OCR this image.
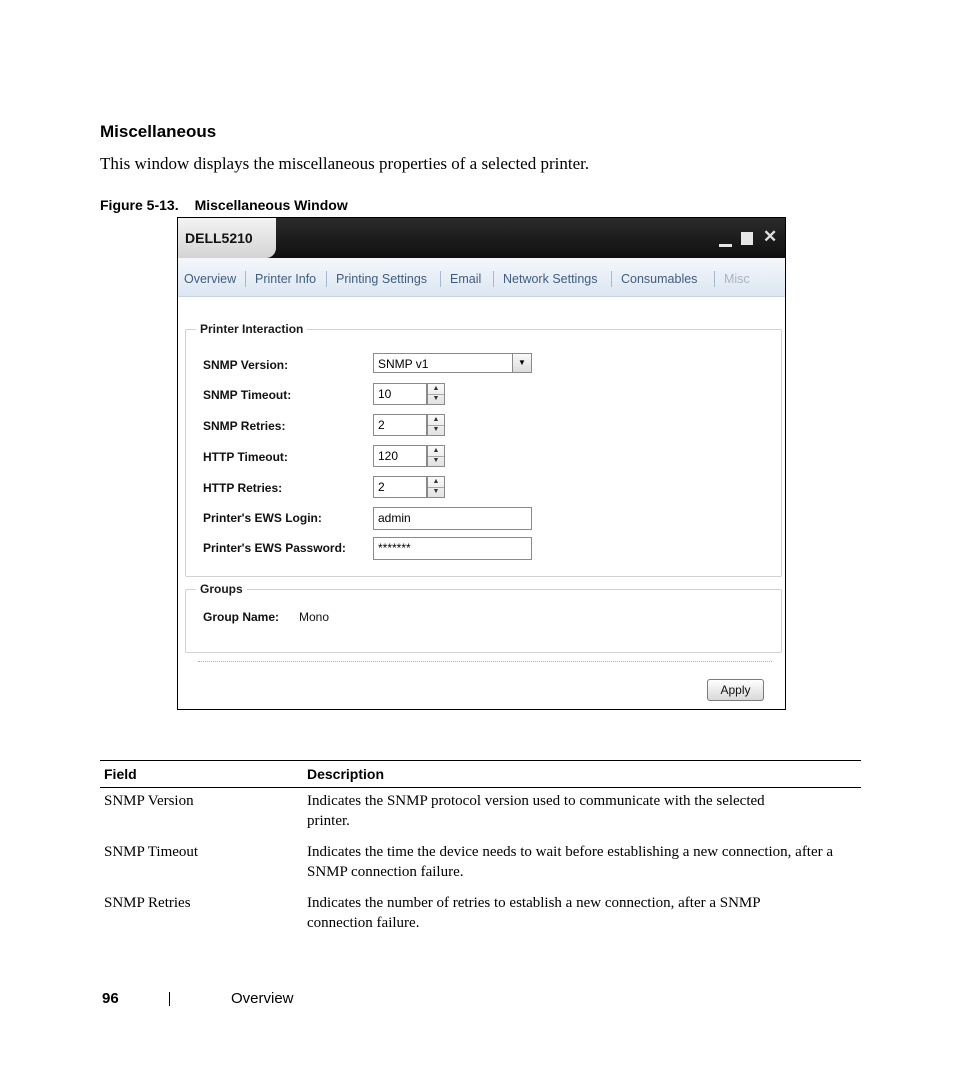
Miscellaneous
This window displays the miscellaneous properties of a selected printer.
Figure 5-13. Miscellaneous Window
DELL5210	✕
Overview Printer Info Printing Settings Email Network Settings Consumables Misc
Printer Interaction
SNMP Version:	SNMP v1	▼
SNMP Timeout:	10	▲
▼
SNMP Retries:	2	▲
▼
HTTP Timeout:	120	▲
▼
HTTP Retries:	2	▲
▼
Printer's EWS Login:	admin
Printer's EWS Password:	*******
Groups
Group Name: Mono
Apply
Field	Description
SNMP Version	Indicates the SNMP protocol version used to communicate with the selected printer.
SNMP Timeout	Indicates the time the device needs to wait before establishing a new connection, after a SNMP connection failure.
SNMP Retries	Indicates the number of retries to establish a new connection, after a SNMP connection failure.
96	Overview
